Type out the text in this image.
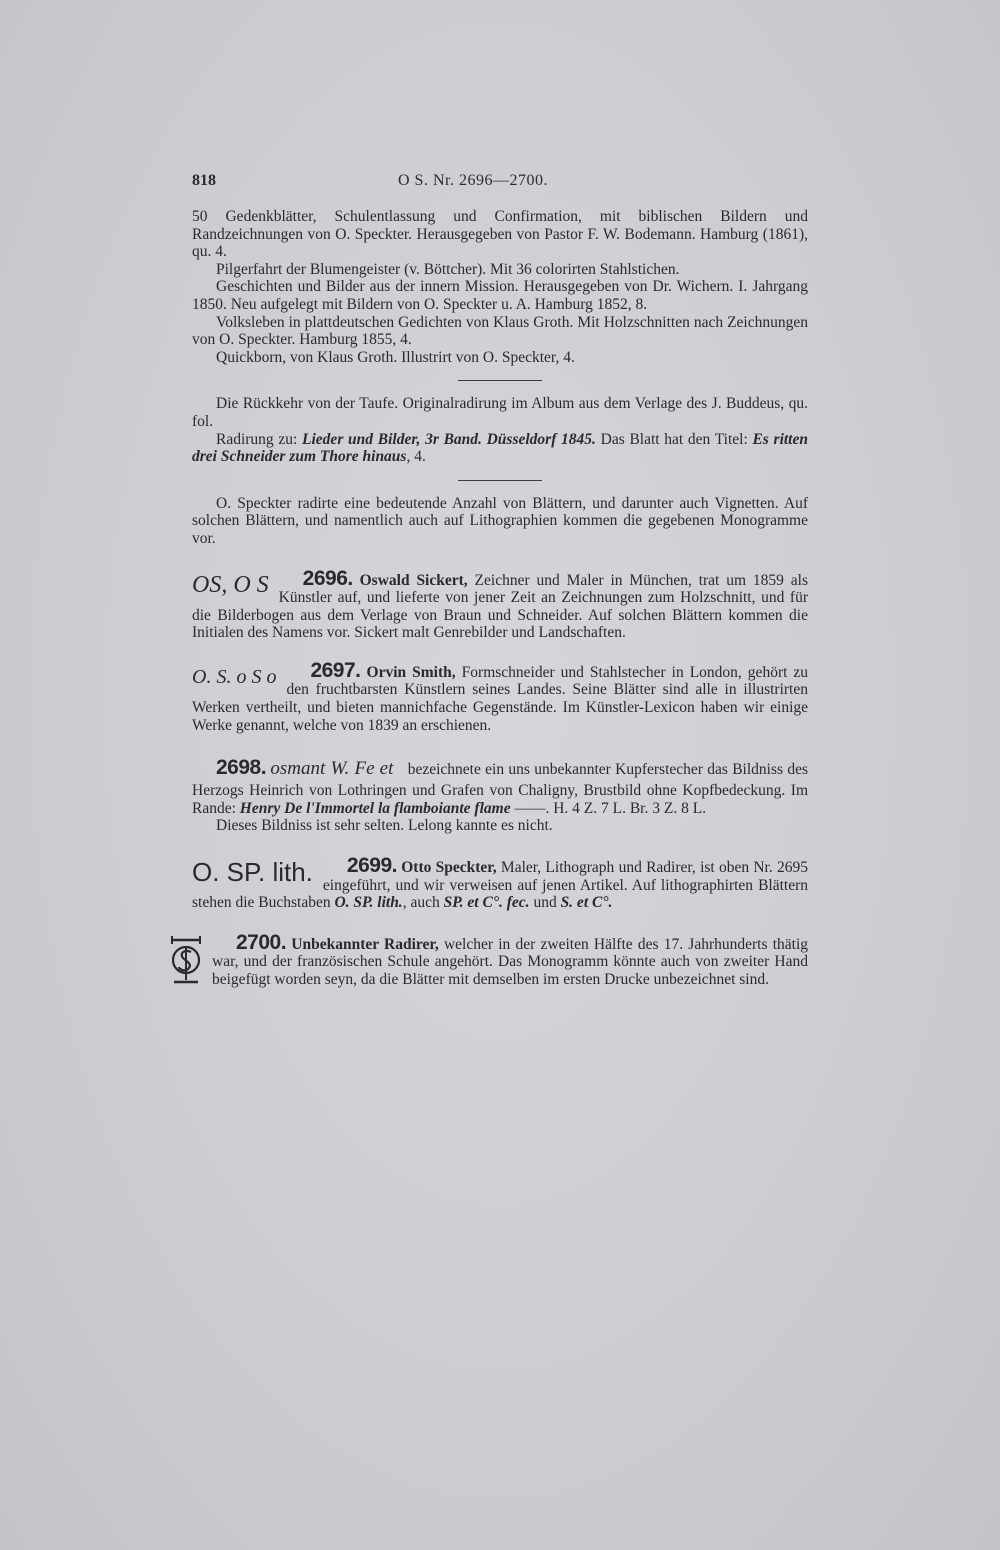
818	O S. Nr. 2696—2700.

50 Gedenkblätter, Schulentlassung und Confirmation, mit biblischen Bildern und Randzeichnungen von O. Speckter. Herausgegeben von Pastor F. W. Bodemann. Hamburg (1861), qu. 4.

Pilgerfahrt der Blumengeister (v. Böttcher). Mit 36 colorirten Stahlstichen.

Geschichten und Bilder aus der innern Mission. Herausgegeben von Dr. Wichern. I. Jahrgang 1850. Neu aufgelegt mit Bildern von O. Speckter u. A. Hamburg 1852, 8.

Volksleben in plattdeutschen Gedichten von Klaus Groth. Mit Holzschnitten nach Zeichnungen von O. Speckter. Hamburg 1855, 4.

Quickborn, von Klaus Groth. Illustrirt von O. Speckter, 4.

Die Rückkehr von der Taufe. Originalradirung im Album aus dem Verlage des J. Buddeus, qu. fol.

Radirung zu: Lieder und Bilder, 3r Band. Düsseldorf 1845. Das Blatt hat den Titel: Es ritten drei Schneider zum Thore hinaus, 4.

O. Speckter radirte eine bedeutende Anzahl von Blättern, und darunter auch Vignetten. Auf solchen Blättern, und namentlich auch auf Lithographien kommen die gegebenen Monogramme vor.

2696. Oswald Sickert,
OS, O S	Zeichner und Maler in München, trat um 1859 als Künstler auf, und lieferte von jener Zeit an Zeichnungen zum Holzschnitt, und für die Bilderbogen aus dem Verlage von Braun und Schneider. Auf solchen Blättern kommen die Initialen des Namens vor. Sickert malt Genrebilder und Landschaften.

2697. Orvin Smith,
O. S. o S o	Formschneider und Stahlstecher in London, gehört zu den fruchtbarsten Künstlern seines Landes. Seine Blätter sind alle in illustrirten Werken vertheilt, und bieten mannichfache Gegenstände. Im Künstler-Lexicon haben wir einige Werke genannt, welche von 1839 an erschienen.

2698. osmant W. Fe et bezeichnete ein uns unbekannter Kupferstecher das Bildniss des Herzogs Heinrich von Lothringen und Grafen von Chaligny, Brustbild ohne Kopfbedeckung. Im Rande: Henry De l'Immortel la flamboiante flame ——. H. 4 Z. 7 L. Br. 3 Z. 8 L.

Dieses Bildniss ist sehr selten. Lelong kannte es nicht.

2699. Otto Speckter,
O. SP. lith.	Maler, Lithograph und Radirer, ist oben Nr. 2695 eingeführt, und wir verweisen auf jenen Artikel. Auf lithographirten Blättern stehen die Buchstaben O. SP. lith., auch SP. et C°. fec. und S. et C°.

2700. Unbekannter Radirer,
welcher in der zweiten Hälfte des 17. Jahrhunderts thätig war, und der französischen Schule angehört. Das Monogramm könnte auch von zweiter Hand beigefügt worden seyn, da die Blätter mit demselben im ersten Drucke unbezeichnet sind.
